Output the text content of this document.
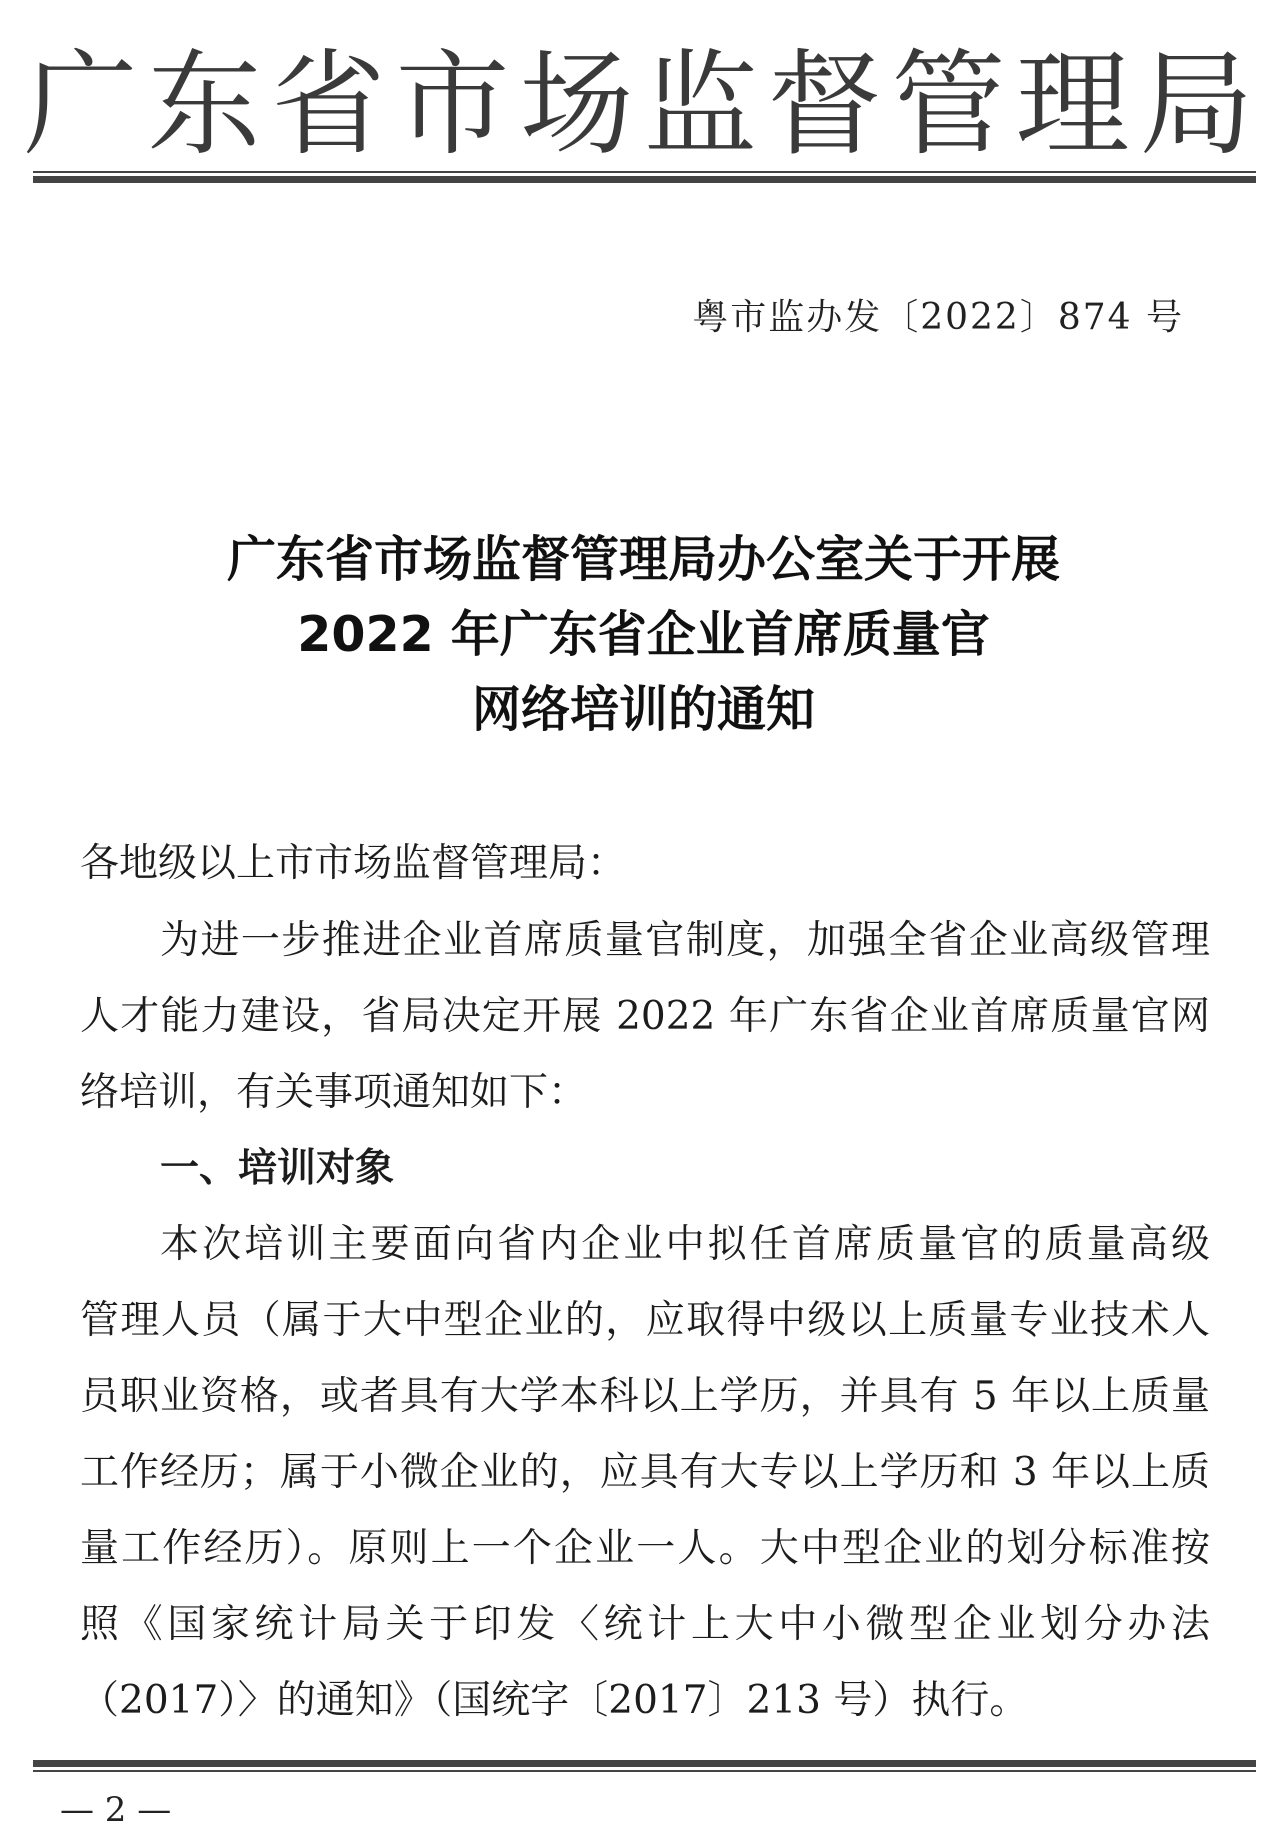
广东省市场监督管理局
粤市监办发〔2022〕874 号
广东省市场监督管理局办公室关于开展
2022 年广东省企业首席质量官
网络培训的通知
各地级以上市市场监督管理局：
为进一步推进企业首席质量官制度，加强全省企业高级管理
人才能力建设，省局决定开展 2022 年广东省企业首席质量官网
络培训，有关事项通知如下：
一、培训对象
本次培训主要面向省内企业中拟任首席质量官的质量高级
管理人员（属于大中型企业的，应取得中级以上质量专业技术人
员职业资格，或者具有大学本科以上学历，并具有 5 年以上质量
工作经历；属于小微企业的，应具有大专以上学历和 3 年以上质
量工作经历）。原则上一个企业一人。大中型企业的划分标准按
照《国家统计局关于印发〈统计上大中小微型企业划分办法
（2017）〉的通知》（国统字〔2017〕213 号）执行。
— 2 —
